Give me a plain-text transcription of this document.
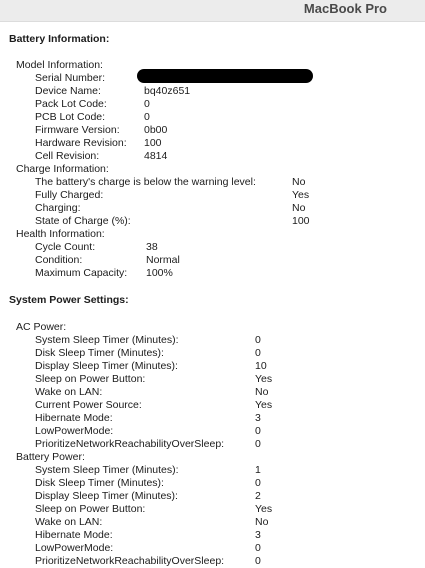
MacBook Pro
Battery Information:
Model Information:
Serial Number:
Device Name:	bq40z651
Pack Lot Code:	0
PCB Lot Code:	0
Firmware Version: 0b00
Hardware Revision: 100
Cell Revision:	4814
Charge Information:
The battery's charge is below the warning level:	No
Fully Charged:	Yes
Charging:	No
State of Charge (%):	100
Health Information:
Cycle Count:	38
Condition:	Normal
Maximum Capacity: 100%
System Power Settings:
AC Power:
System Sleep Timer (Minutes):	0
Disk Sleep Timer (Minutes):	0
Display Sleep Timer (Minutes):	10
Sleep on Power Button:	Yes
Wake on LAN:	No
Current Power Source:	Yes
Hibernate Mode:	3
LowPowerMode:	0
PrioritizeNetworkReachabilityOverSleep:	0
Battery Power:
System Sleep Timer (Minutes):	1
Disk Sleep Timer (Minutes):	0
Display Sleep Timer (Minutes):	2
Sleep on Power Button:	Yes
Wake on LAN:	No
Hibernate Mode:	3
LowPowerMode:	0
PrioritizeNetworkReachabilityOverSleep:	0
